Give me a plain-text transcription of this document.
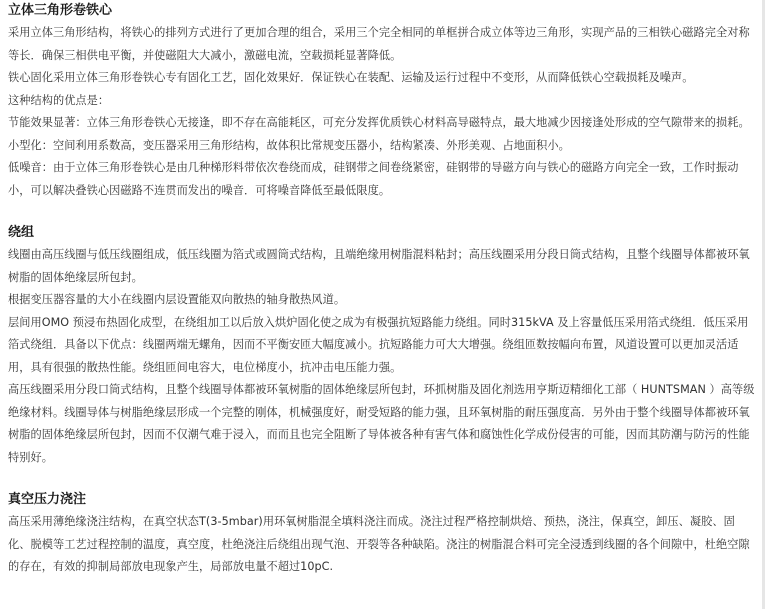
立体三角形卷铁心
采用立体三角形结构，将铁心的排列方式进行了更加合理的组合，采用三个完全相同的单框拼合成立体等边三角形，实现产品的三相铁心磁路完全对称等长．确保三相供电平衡，并使磁阻大大减小，激磁电流，空载损耗显著降低。
铁心固化采用立体三角形卷铁心专有固化工艺，固化效果好．保证铁心在装配、运输及运行过程中不变形，从而降低铁心空载损耗及噪声。
这种结构的优点是：
节能效果显著：立体三角形卷铁心无接逢，即不存在高能耗区，可充分发挥优质铁心材料高导磁特点，最大地减少因接逢处形成的空气隙带来的损耗。
小型化：空间利用系数高，变压器采用三角形结构，故体积比常规变压器小，结构紧凑、外形美观、占地面积小。
低噪音：由于立体三角形卷铁心是由几种梯形料带依次卷绕而成，硅钢带之间卷绕紧密，硅钢带的导磁方向与铁心的磁路方向完全一致，工作时振动小，可以解决叠铁心因磁路不连贯而发出的噪音．可将噪音降低至最低限度。
绕组
线圈由高压线圈与低压线圈组成，低压线圈为箔式或圆筒式结构，且端绝缘用树脂混料粘封；高压线圈采用分段日筒式结构，且整个线圈导体都被环氧树脂的固体绝缘层所包封。
根据变压器容量的大小在线圈内层设置能双向散热的轴身散热风道。
层间用OMO 预浸布热固化成型，在绕组加工以后放入烘炉固化使之成为有极强抗短路能力绕组。同时315kVA 及上容量低压采用箔式绕组．低压采用箔式绕组．具备以下优点：线圈两端无螺角，因而不平衡安匝大幅度减小。抗短路能力可大大增强。绕组匝数按幅向布置，风道设置可以更加灵活适用，具有很强的散热性能。绕组匝间电容大，电位梯度小，抗冲击电压能力强。
高压线圈采用分段口筒式结构，且整个线圈导体都被环氧树脂的固体绝缘层所包封，环抓树脂及固化剂选用亨斯迈精细化工部（ HUNTSMAN ）高等级绝缘材料。线圈导体与树脂绝缘层形成一个完整的刚体，机械强度好，耐受短路的能力强，且环氧树脂的耐压强度高．另外由于整个线圈导体都被环氧树脂的固体绝缘层所包封，因而不仅潮气难于浸入，而而且也完全阻断了导体被各种有害气体和腐蚀性化学成份侵害的可能，因而其防潮与防污的性能特别好。
真空压力浇注
高压采用薄绝缘浇注结构，在真空状态T(3-5mbar)用环氧树脂混全填料浇注而成。浇注过程严格控制烘焙、预热，浇注，保真空，卸压、凝胶、固化、脱模等工艺过程控制的温度，真空度，杜绝浇注后绕组出现气泡、开裂等各种缺陷。浇注的树脂混合料可完全浸透到线圈的各个间隙中，杜绝空隙的存在，有效的抑制局部放电现象产生，局部放电量不超过10pC.
